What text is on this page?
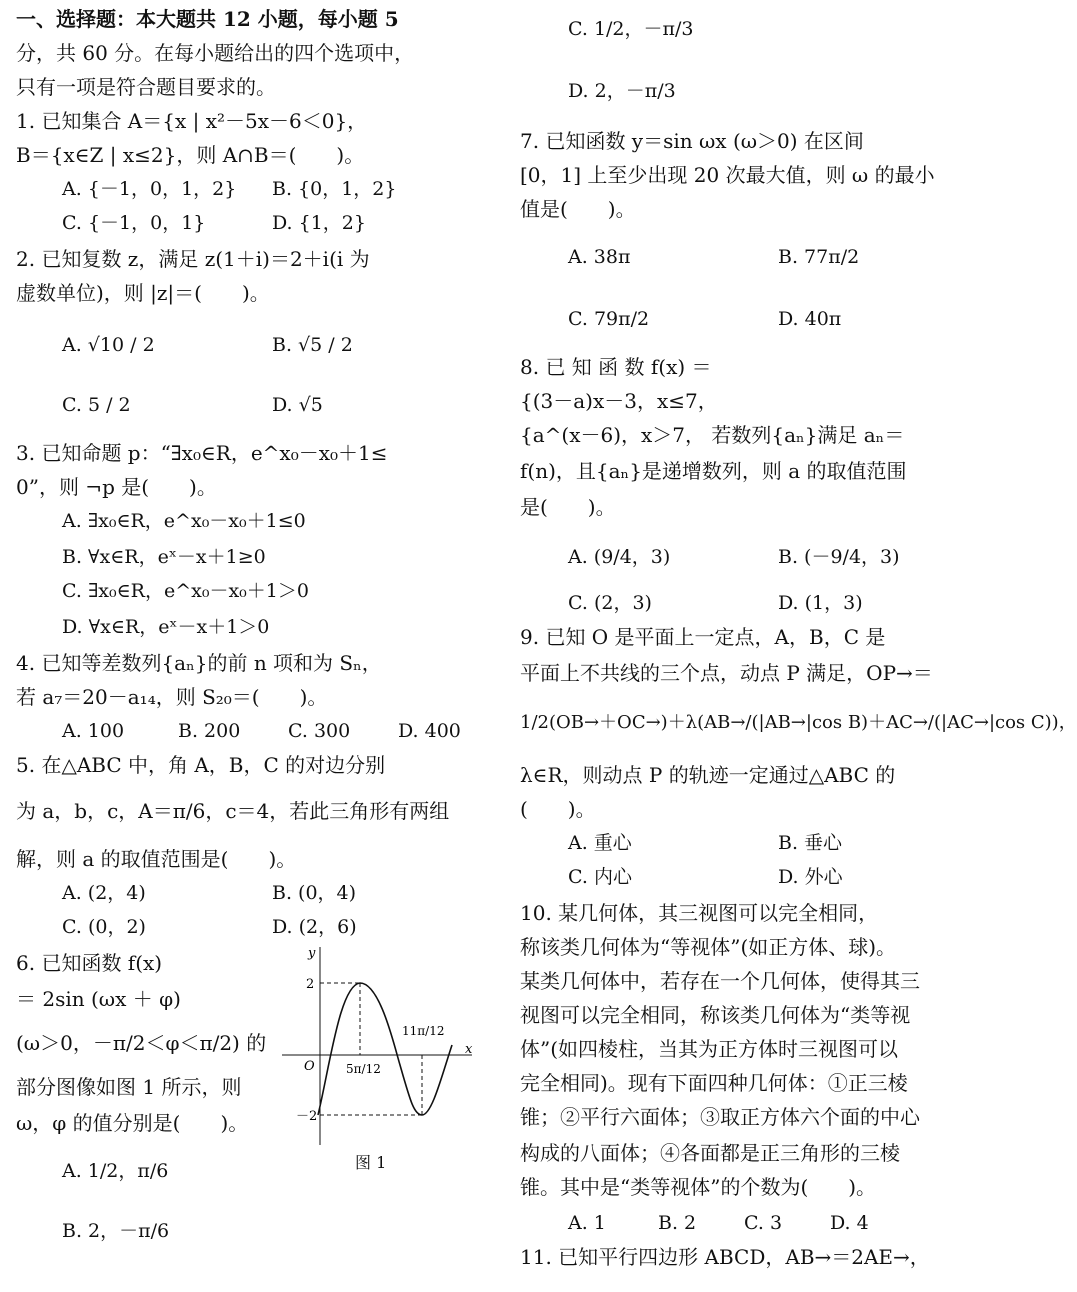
一、选择题：本大题共 12 小题，每小题 5
分，共 60 分。在每小题给出的四个选项中，
只有一项是符合题目要求的。
1. 已知集合 A＝{x | x²－5x－6＜0}，
B＝{x∈Z | x≤2}，则 A∩B＝(　　)。
A. {－1，0，1，2} B. {0，1，2}
C. {－1，0，1}	D. {1，2}
2. 已知复数 z，满足 z(1＋i)＝2＋i(i 为
虚数单位)，则 |z|＝(　　)。
A. √10 / 2	B. √5 / 2
C. 5 / 2	D. √5
3. 已知命题 p：“∃x₀∈R，e^x₀－x₀＋1≤
0”，则 ¬p 是(　　)。
A. ∃x₀∈R，e^x₀－x₀＋1≤0
B. ∀x∈R，eˣ－x＋1≥0
C. ∃x₀∈R，e^x₀－x₀＋1＞0
D. ∀x∈R，eˣ－x＋1＞0
4. 已知等差数列{aₙ}的前 n 项和为 Sₙ，
若 a₇＝20－a₁₄，则 S₂₀＝(　　)。
A. 100	B. 200	C. 300	D. 400
5. 在△ABC 中，角 A，B，C 的对边分别
为 a，b，c，A＝π/6，c＝4，若此三角形有两组
解，则 a 的取值范围是(　　)。
A. (2，4)	B. (0，4)
C. (0，2)	D. (2，6)
6. 已知函数 f(x)
＝ 2sin (ωx ＋ φ)
(ω＞0，－π/2＜φ＜π/2) 的
部分图像如图 1 所示，则
ω，φ 的值分别是(　　)。
A. 1/2，π/6
B. 2，－π/6
y
x
O
2
－2
5π/12
11π/12
图 1
C. 1/2，－π/3
D. 2，－π/3
7. 已知函数 y＝sin ωx (ω＞0) 在区间
[0，1] 上至少出现 20 次最大值，则 ω 的最小
值是(　　)。
A. 38π	B. 77π/2
C. 79π/2	D. 40π
8. 已 知 函 数 f(x) ＝
{(3－a)x－3，x≤7，
{a^(x－6)，x＞7， 若数列{aₙ}满足 aₙ＝
f(n)，且{aₙ}是递增数列，则 a 的取值范围
是(　　)。
A. (9/4，3)	B. (－9/4，3)
C. (2，3)	D. (1，3)
9. 已知 O 是平面上一定点，A，B，C 是
平面上不共线的三个点，动点 P 满足，OP→＝
1/2(OB→＋OC→)＋λ(AB→/(|AB→|cos B)＋AC→/(|AC→|cos C))，
λ∈R，则动点 P 的轨迹一定通过△ABC 的
(　　)。
A. 重心	B. 垂心
C. 内心	D. 外心
10. 某几何体，其三视图可以完全相同，
称该类几何体为“等视体”(如正方体、球)。
某类几何体中，若存在一个几何体，使得其三
视图可以完全相同，称该类几何体为“类等视
体”(如四棱柱，当其为正方体时三视图可以
完全相同)。现有下面四种几何体：①正三棱
锥；②平行六面体；③取正方体六个面的中心
构成的八面体；④各面都是正三角形的三棱
锥。其中是“类等视体”的个数为(　　)。
A. 1	B. 2	C. 3	D. 4
11. 已知平行四边形 ABCD，AB→＝2AE→，
